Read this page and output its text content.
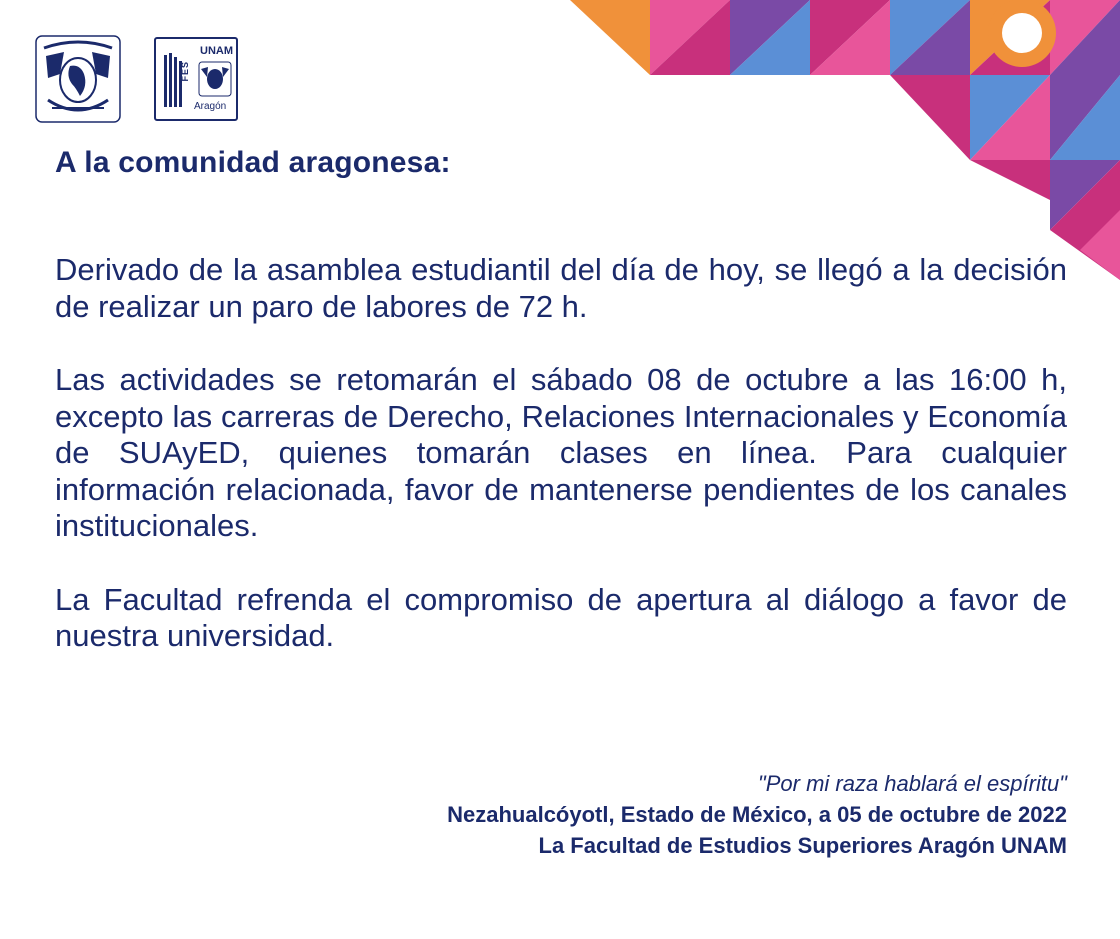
UNAM
FES
Aragón
A la comunidad aragonesa:

Derivado de la asamblea estudiantil del día de hoy, se llegó a la decisión de realizar un paro de labores de 72 h.

Las actividades se retomarán el sábado 08 de octubre a las 16:00 h, excepto las carreras de Derecho, Relaciones Internacionales y Economía de SUAyED, quienes tomarán clases en línea. Para cualquier información relacionada, favor de mantenerse pendientes de los canales institucionales.

La Facultad refrenda el compromiso de apertura al diálogo a favor de nuestra universidad.

"Por mi raza hablará el espíritu"
Nezahualcóyotl, Estado de México, a 05 de octubre de 2022
La Facultad de Estudios Superiores Aragón UNAM
